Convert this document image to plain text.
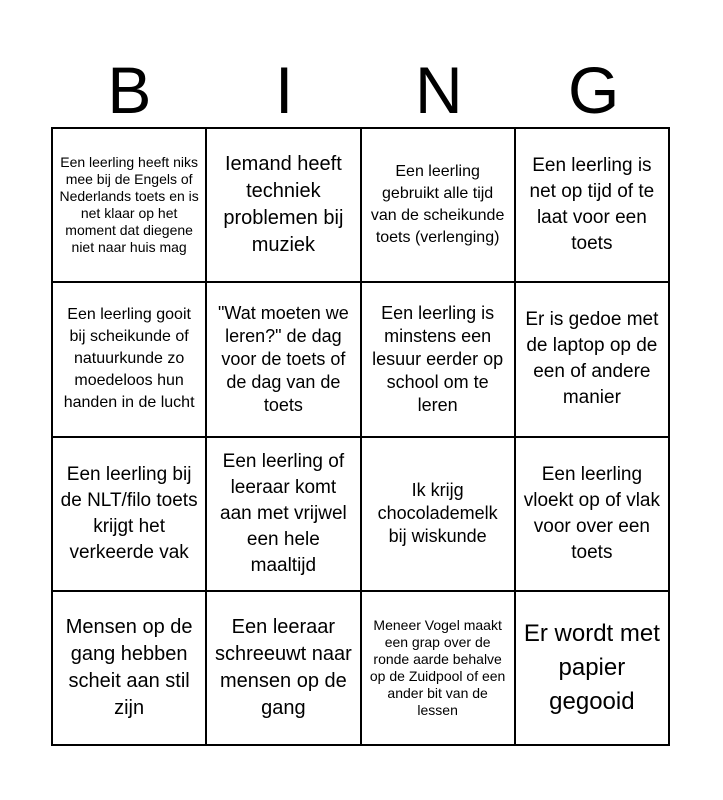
B	I	N	G
Een leerling heeft niks mee bij de Engels of Nederlands toets en is net klaar op het moment dat diegene niet naar huis mag
Iemand heeft techniek problemen bij muziek
Een leerling gebruikt alle tijd van de scheikunde toets (verlenging)
Een leerling is net op tijd of te laat voor een toets
Een leerling gooit bij scheikunde of natuurkunde zo moedeloos hun handen in de lucht
"Wat moeten we leren?" de dag voor de toets of de dag van de toets
Een leerling is minstens een lesuur eerder op school om te leren
Er is gedoe met de laptop op de een of andere manier
Een leerling bij de NLT/filo toets krijgt het verkeerde vak
Een leerling of leeraar komt aan met vrijwel een hele maaltijd
Ik krijg chocolademelk bij wiskunde
Een leerling vloekt op of vlak voor over een toets
Mensen op de gang hebben scheit aan stil zijn
Een leeraar schreeuwt naar mensen op de gang
Meneer Vogel maakt een grap over de ronde aarde behalve op de Zuidpool of een ander bit van de lessen
Er wordt met papier gegooid
